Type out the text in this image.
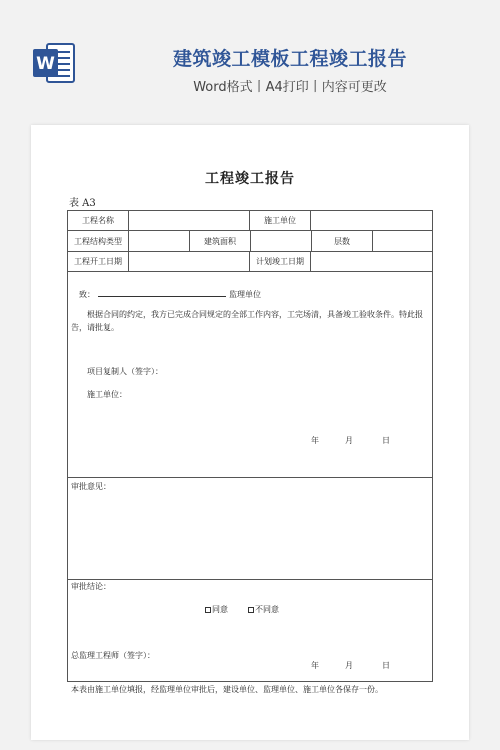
W	建筑竣工模板工程竣工报告
Word格式丨A4打印丨内容可更改
工程竣工报告
表 A3
工程名称	施工单位
工程结构类型	建筑面积	层数
工程开工日期	计划竣工日期
致：	监理单位
根据合同的约定，我方已完成合同规定的全部工作内容，工完场清，具备竣工验收条件。特此报告，请批复。
项目复制人（签字）：
施工单位：
年	月	日
审批意见：
审批结论：
同意	不同意
总监理工程师（签字）：
年	月	日
本表由施工单位填报，经监理单位审批后，建设单位、监理单位、施工单位各保存一份。
